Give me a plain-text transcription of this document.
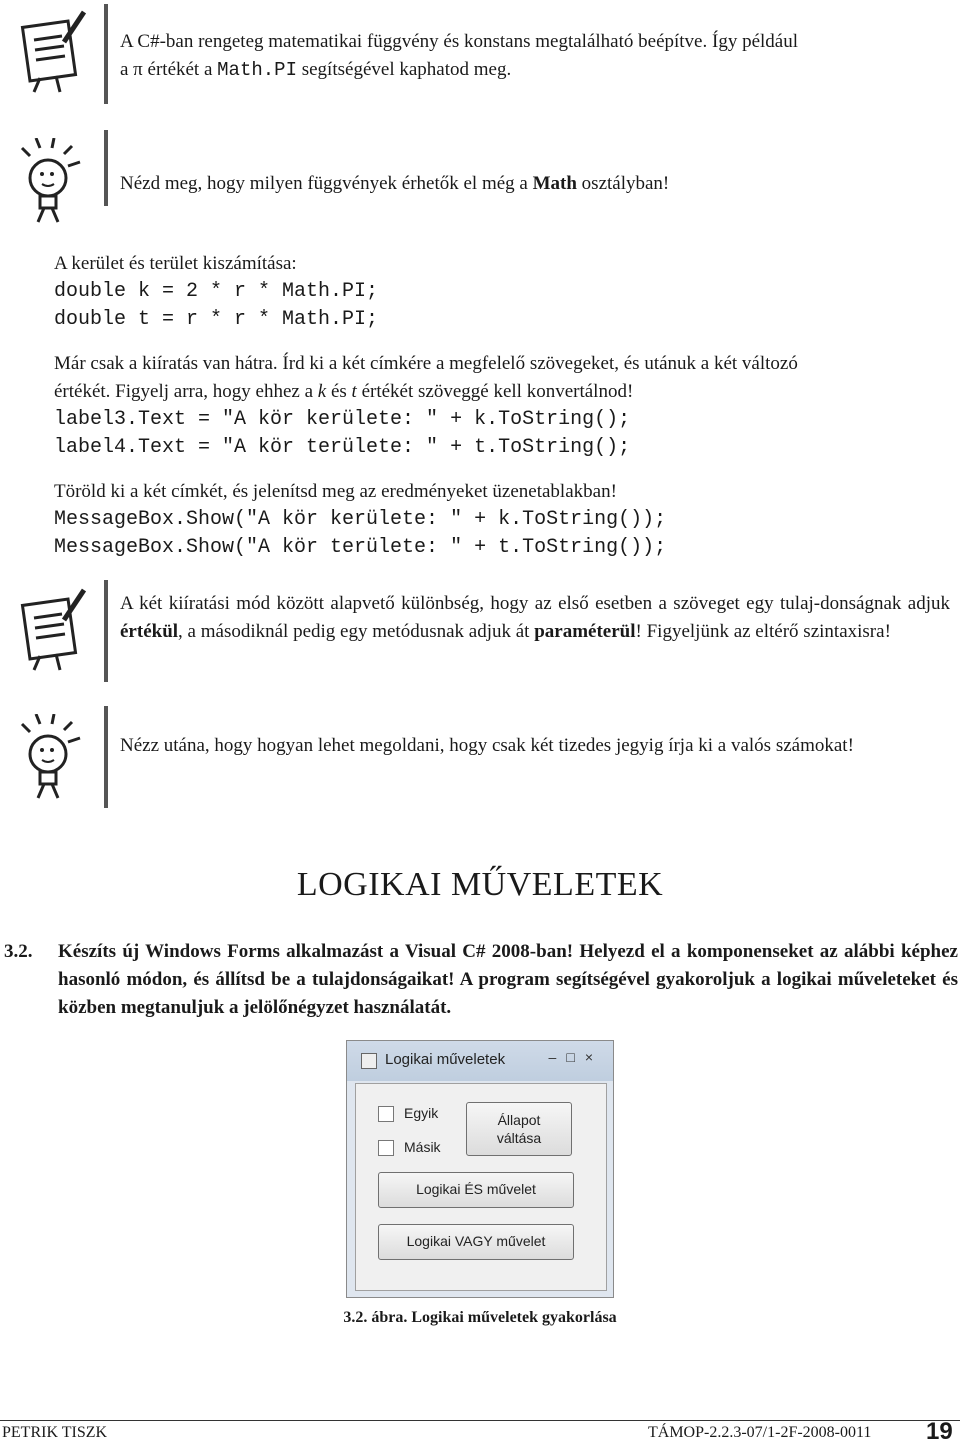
A C#-ban rengeteg matematikai függvény és konstans megtalálható beépítve. Így például
a π értékét a Math.PI segítségével kaphatod meg.
Nézd meg, hogy milyen függvények érhetők el még a Math osztályban!
A kerület és terület kiszámítása:
double k = 2 * r * Math.PI;
double t = r * r * Math.PI;
Már csak a kiíratás van hátra. Írd ki a két címkére a megfelelő szövegeket, és utánuk a két változó
értékét. Figyelj arra, hogy ehhez a k és t értékét szöveggé kell konvertálnod!
label3.Text = ″A kör kerülete: ″ + k.ToString();
label4.Text = ″A kör területe: ″ + t.ToString();
Töröld ki a két címkét, és jelenítsd meg az eredményeket üzenetablakban!
MessageBox.Show(″A kör kerülete: ″ + k.ToString());
MessageBox.Show(″A kör területe: ″ + t.ToString());
A két kiíratási mód között alapvető különbség, hogy az első esetben a szöveget egy tulaj-donságnak adjuk értékül, a másodiknál pedig egy metódusnak adjuk át paraméterül! Figyeljünk az eltérő szintaxisra!
Nézz utána, hogy hogyan lehet megoldani, hogy csak két tizedes jegyig írja ki a valós számokat!
LOGIKAI MŰVELETEK
3.2. Készíts új Windows Forms alkalmazást a Visual C# 2008-ban! Helyezd el a komponenseket az alábbi képhez hasonló módon, és állítsd be a tulajdonságaikat! A program segítségével gyakoroljuk a logikai műveleteket és közben megtanuljuk a jelölőnégyzet használatát.
Logikai műveletek	–□×
Egyik
Másik
Állapot
váltása
Logikai ÉS művelet
Logikai VAGY művelet
3.2. ábra. Logikai műveletek gyakorlása
PETRIK TISZK	TÁMOP-2.2.3-07/1-2F-2008-0011 19
